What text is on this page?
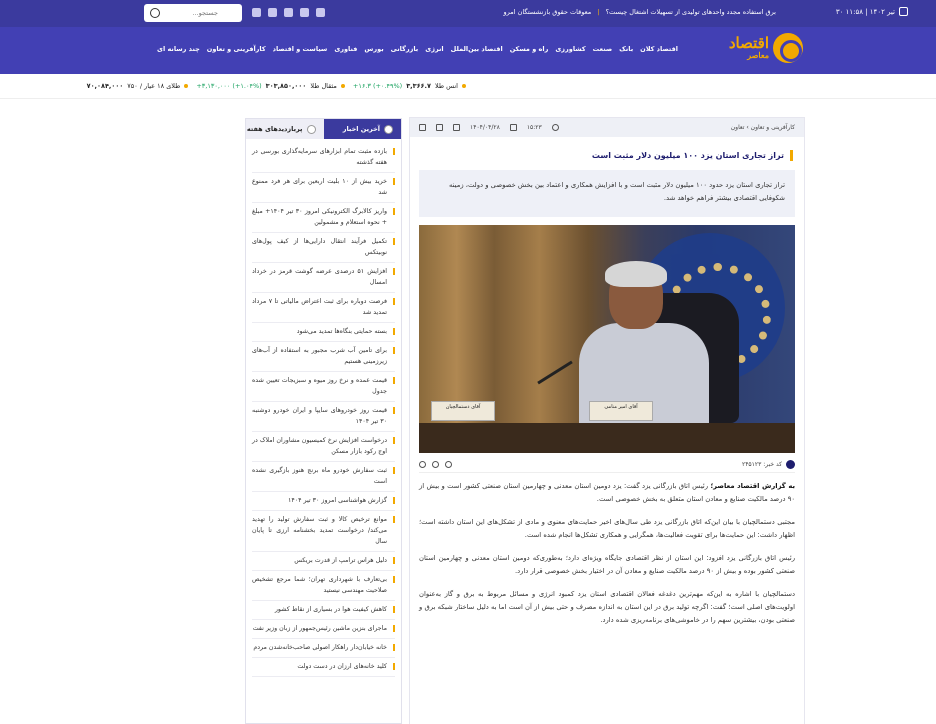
۳۰ تیر ۱۴۰۲ | ۱۱:۵۸
برق استفاده مجدد واحدهای تولیدی از تسهیلات اشتغال چیست؟ | معوقات حقوق بازنشستگان امرو
جستجو...
اقتصاد
معاصر
اقتصاد کلان
بانک
صنعت
کشاورزی
راه و مسکن
اقتصاد بین‌الملل
انرژی
بازرگانی
بورس
فناوری
سیاست و اقتصاد
کارآفرینی و تعاون
چند رسانه ای
انس طلا
۳,۳۶۶.۷
+۱۶.۳ (+۰.۴۹%)
مثقال طلا
۳۰۳,۸۵۰,۰۰۰
+۳,۱۳۰,۰۰۰ (+۱.۰۴%)
طلای ۱۸ عیار / ۷۵۰
۷۰,۰۸۴,۰۰۰
کارآفرینی و تعاون › تعاون
۱۵:۲۳
۱۴۰۴/۰۴/۲۸
تراز تجاری استان یزد ۱۰۰ میلیون دلار مثبت است
تراز تجاری استان یزد حدود ۱۰۰ میلیون دلار مثبت است و با افزایش همکاری و اعتماد بین بخش خصوصی و دولت، زمینه شکوفایی اقتصادی بیشتر فراهم خواهد شد.
آقای دستمالچیان	آقای امیر منامی
کد خبر: ۲۴۵۱۲۳

به گزارش اقتصاد معاصر؛ رئیس اتاق بازرگانی یزد گفت: یزد دومین استان معدنی و چهارمین استان صنعتی کشور است و بیش از ۹۰ درصد مالکیت صنایع و معادن استان متعلق به بخش خصوصی است.

مجتبی دستمالچیان با بیان این‌که اتاق بازرگانی یزد طی سال‌های اخیر حمایت‌های معنوی و مادی از تشکل‌های این استان داشته است؛ اظهار داشت: این حمایت‌ها برای تقویت فعالیت‌ها، همگرایی و همکاری تشکل‌ها انجام شده است.

رئیس اتاق بازرگانی یزد افزود: این استان از نظر اقتصادی جایگاه ویژه‌ای دارد؛ به‌طوری‌که دومین استان معدنی و چهارمین استان صنعتی کشور بوده و بیش از ۹۰ درصد مالکیت صنایع و معادن آن در اختیار بخش خصوصی قرار دارد.

دستمالچیان با اشاره به این‌که مهم‌ترین دغدغه فعالان اقتصادی استان یزد کمبود انرژی و مسائل مربوط به برق و گاز به‌عنوان اولویت‌های اصلی است؛ گفت: اگرچه تولید برق در این استان به اندازه مصرف و حتی بیش از آن است اما به دلیل ساختار شبکه برق و صنعتی بودن، بیشترین سهم را در خاموشی‌های برنامه‌ریزی شده دارد.

آخرین اخبار
پربازدیدهای هفته
بازده مثبت تمام ابزارهای سرمایه‌گذاری بورسی در هفته گذشته
خرید بیش از ۱۰ بلیت اربعین برای هر فرد ممنوع شد
واریز کالابرگ الکترونیکی امروز ۳۰ تیر ۱۴۰۴+ مبلغ + نحوه استعلام و مشمولین
تکمیل فرآیند انتقال دارایی‌ها از کیف پول‌های نوبیتکس
افزایش ۵۱ درصدی عرضه گوشت قرمز در خرداد امسال
فرصت دوباره برای ثبت اعتراض مالیاتی تا ۷ مرداد تمدید شد
بسته حمایتی بنگاه‌ها تمدید می‌شود
برای تامین آب شرب مجبور به استفاده از آب‌های زیرزمینی هستیم
قیمت عمده و نرخ روز میوه و سبزیجات تعیین شده جدول
قیمت روز خودروهای سایپا و ایران خودرو دوشنبه ۳۰ تیر ۱۴۰۴
درخواست افزایش نرخ کمیسیون مشاوران املاک در اوج رکود بازار مسکن
ثبت سفارش خودرو ماه برنج هنوز بازگیری نشده است
گزارش هواشناسی امروز ۳۰ تیر ۱۴۰۴
موانع ترخیص کالا و ثبت سفارش تولید را تهدید می‌کند/ درخواست تمدید بخشنامه ارزی تا پایان سال
دلیل هراس ترامپ از قدرت بریکس
بی‌تعارف با شهرداری تهران؛ شما مرجع تشخیص صلاحیت مهندسی نیستید
کاهش کیفیت هوا در بسیاری از نقاط کشور
ماجرای بنزین ماشین رئیس‌جمهور از زبان وزیر نفت
خانه خیابان‌دار راهکار اصولی صاحب‌خانه‌شدن مردم
کلید خانه‌های ارزان در دست دولت
